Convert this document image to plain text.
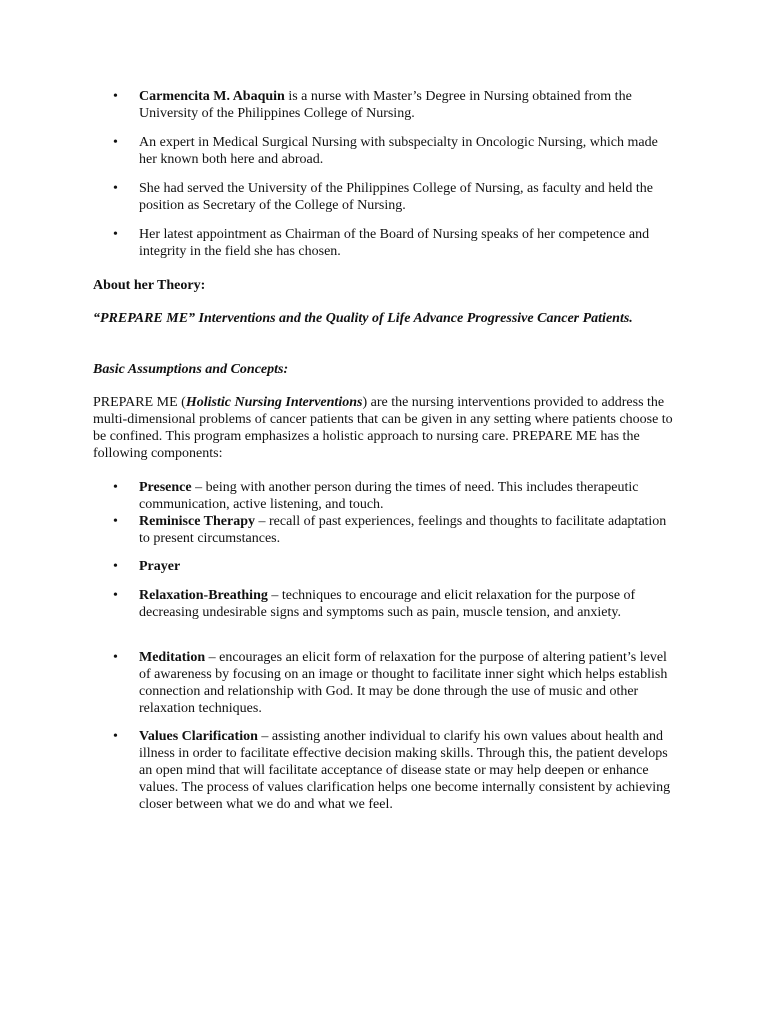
• Carmencita M. Abaquin is a nurse with Master’s Degree in Nursing obtained from the University of the Philippines College of Nursing.
• An expert in Medical Surgical Nursing with subspecialty in Oncologic Nursing, which made her known both here and abroad.
• She had served the University of the Philippines College of Nursing, as faculty and held the position as Secretary of the College of Nursing.
• Her latest appointment as Chairman of the Board of Nursing speaks of her competence and integrity in the field she has chosen.
About her Theory:
“PREPARE ME” Interventions and the Quality of Life Advance Progressive Cancer Patients.
Basic Assumptions and Concepts:
PREPARE ME (Holistic Nursing Interventions) are the nursing interventions provided to address the multi-dimensional problems of cancer patients that can be given in any setting where patients choose to be confined. This program emphasizes a holistic approach to nursing care. PREPARE ME has the following components:
• Presence – being with another person during the times of need. This includes therapeutic communication, active listening, and touch.
• Reminisce Therapy – recall of past experiences, feelings and thoughts to facilitate adaptation to present circumstances.
• Prayer
• Relaxation-Breathing – techniques to encourage and elicit relaxation for the purpose of decreasing undesirable signs and symptoms such as pain, muscle tension, and anxiety.
• Meditation – encourages an elicit form of relaxation for the purpose of altering patient’s level of awareness by focusing on an image or thought to facilitate inner sight which helps establish connection and relationship with God. It may be done through the use of music and other relaxation techniques.
• Values Clarification – assisting another individual to clarify his own values about health and illness in order to facilitate effective decision making skills. Through this, the patient develops an open mind that will facilitate acceptance of disease state or may help deepen or enhance values. The process of values clarification helps one become internally consistent by achieving closer between what we do and what we feel.
